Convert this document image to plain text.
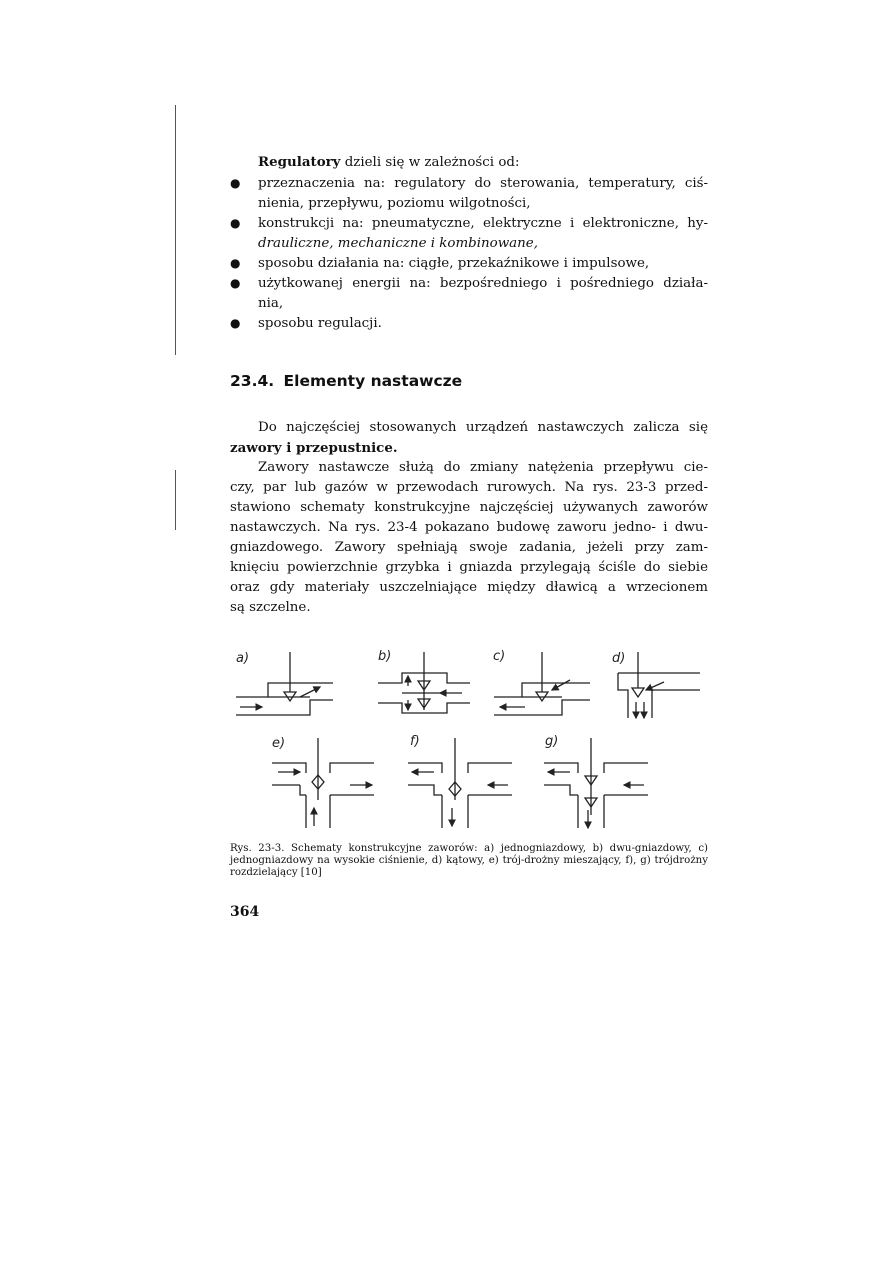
Regulatory dzieli się w zależności od:
● przeznaczenia na: regulatory do sterowania, temperatury, ciś-
nienia, przepływu, poziomu wilgotności,
● konstrukcji na: pneumatyczne, elektryczne i elektroniczne, hy-
drauliczne, mechaniczne i kombinowane,
● sposobu działania na: ciągłe, przekaźnikowe i impulsowe,
● użytkowanej energii na: bezpośredniego i pośredniego działa-
nia,
● sposobu regulacji.
23.4. Elementy nastawcze
Do najczęściej stosowanych urządzeń nastawczych zalicza się
zawory i przepustnice.
Zawory nastawcze służą do zmiany natężenia przepływu cie-
czy, par lub gazów w przewodach rurowych. Na rys. 23-3 przed-
stawiono schematy konstrukcyjne najczęściej używanych zaworów
nastawczych. Na rys. 23-4 pokazano budowę zaworu jedno- i dwu-
gniazdowego. Zawory spełniają swoje zadania, jeżeli przy zam-
knięciu powierzchnie grzybka i gniazda przylegają ściśle do siebie
oraz gdy materiały uszczelniające między dławicą a wrzecionem
są szczelne.
a)	b)	c)	d)
e)	f)	g)
Rys. 23-3. Schematy konstrukcyjne zaworów: a) jednogniazdowy, b) dwu-gniazdowy, c) jednogniazdowy na wysokie ciśnienie, d) kątowy, e) trój-drożny mieszający, f), g) trójdrożny rozdzielający [10]
364
